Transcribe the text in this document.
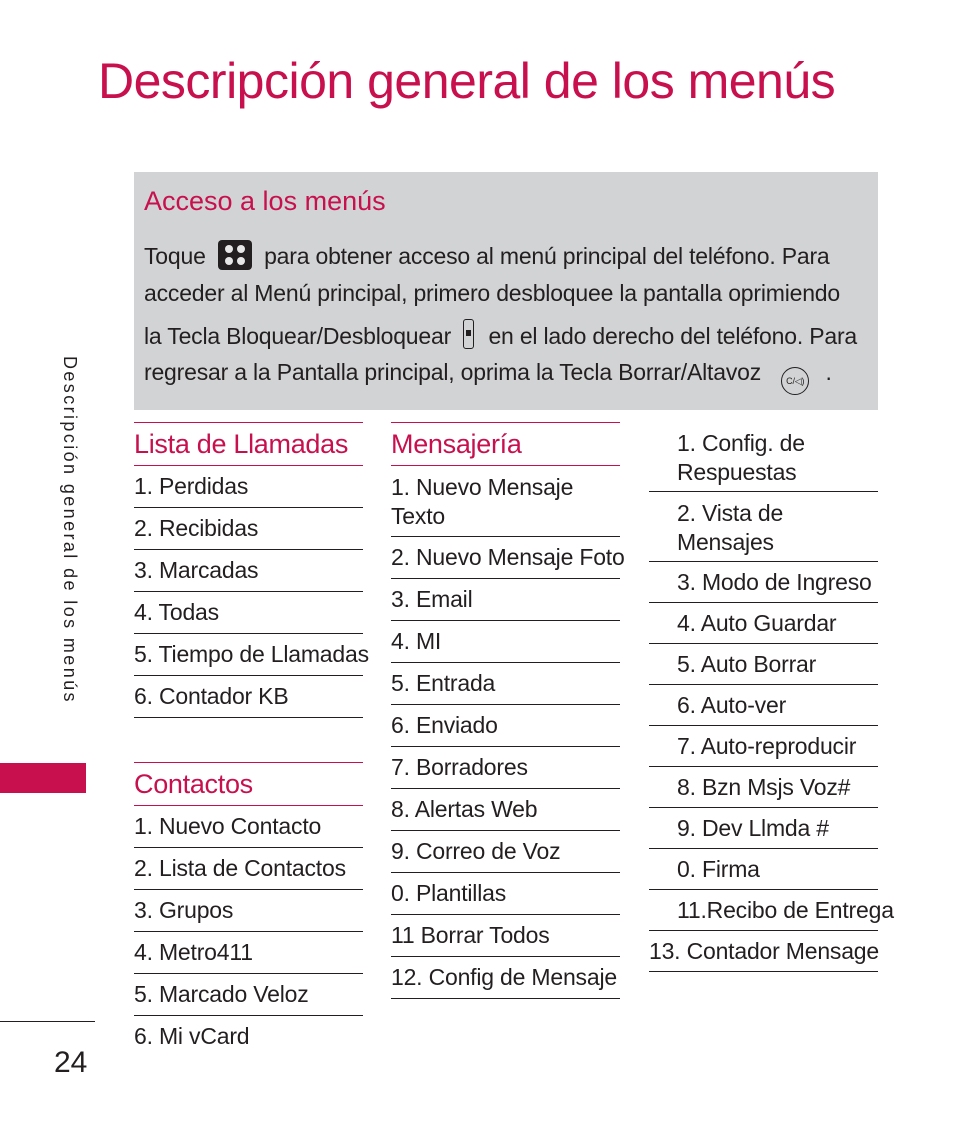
Descripción general de los menús
Acceso a los menús
Toque	para obtener acceso al menú principal del teléfono. Para
acceder al Menú principal, primero desbloquee la pantalla oprimiendo
la Tecla Bloquear/Desbloquear en el lado derecho del teléfono. Para
regresar a la Pantalla principal, oprima la Tecla Borrar/Altavoz	C/◁) .
Lista de Llamadas
1. Perdidas
2. Recibidas
3. Marcadas
4. Todas
5. Tiempo de Llamadas
6. Contador KB
Contactos
1. Nuevo Contacto
2. Lista de Contactos
3. Grupos
4. Metro411
5. Marcado Veloz
6. Mi vCard
Mensajería
1. Nuevo Mensaje Texto
2. Nuevo Mensaje Foto
3. Email
4. MI
5. Entrada
6. Enviado
7. Borradores
8. Alertas Web
9. Correo de Voz
0. Plantillas
11 Borrar Todos
12. Config de Mensaje
1. Config. de Respuestas
2. Vista de Mensajes
3. Modo de Ingreso
4. Auto Guardar
5. Auto Borrar
6. Auto-ver
7. Auto-reproducir
8. Bzn Msjs Voz#
9. Dev Llmda #
0. Firma
11.Recibo de Entrega
13. Contador Mensage
Descripción general de los menús
24
